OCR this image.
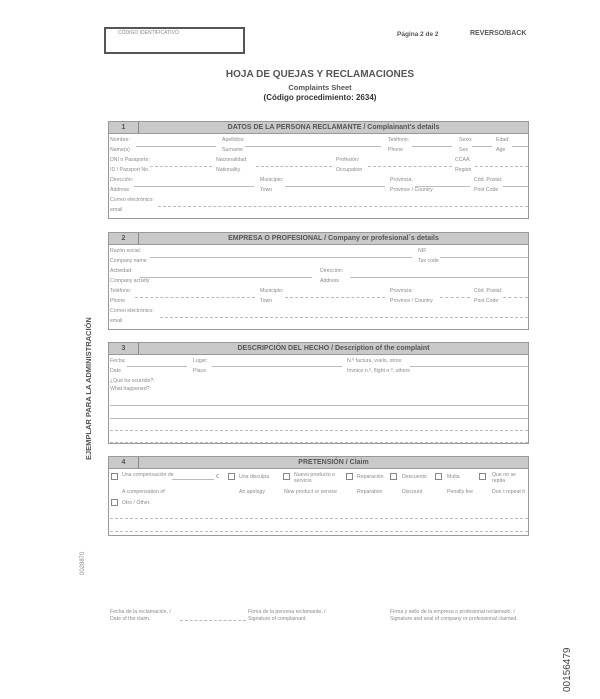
CÓDIGO IDENTIFICATIVO	Página 2 de 2	REVERSO/BACK
HOJA DE QUEJAS Y RECLAMACIONES
Complaints Sheet
(Código procedimiento: 2634)
EJEMPLAR PARA LA ADMINISTRACIÓN
0028870
00156479
1	DATOS DE LA PERSONA RECLAMANTE / Complainant's details
Nombre:
Name(s)
Apellidos:
Surname
Teléfono:
Phone
Sexo:
Sex
Edad:
Age
DNI o Pasaporte:
ID / Passport No.
Nacionalidad:
Nationality
Profesión:
Occupation
CCAA:
Region
Dirección:
Address
Municipio:
Town
Provincia:
Province / Country
Cód. Postal:
Post Code
Correo electrónico:
email
2	EMPRESA O PROFESIONAL / Company or profesional´s details
Razón social:
Company name
NIF
Tax code
Actividad:
Company activity
Dirección:
Address
Teléfono:
Phone
Municipio:
Town
Provincia:
Province / Country
Cód. Postal:
Post Code
Correo electrónico:
email
3	DESCRIPCIÓN DEL HECHO / Description of the complaint
Fecha:
Date
Lugar:
Place
N.º factura, vuelo, otros:
Invoice n.º, flight n.º, others
¿Qué ha ocurrido?:
What happened?:
4	PRETENSIÓN / Claim
Una compensación de	€
A compensation of
Una disculpa
An apology
Nuevo producto o servicio
New product or service
Reparación
Reparation
Descuento
Discount
Multa
Penalty fee
Que no se repita
Don´t repeat it
Otro / Other.
Fecha de la reclamación, /
Date of the claim.
Firma de la persona reclamante, /
Signature of complainant.
Firma y sello de la empresa o profesional reclamado. /
Signature and seal of company or professional claimed.
